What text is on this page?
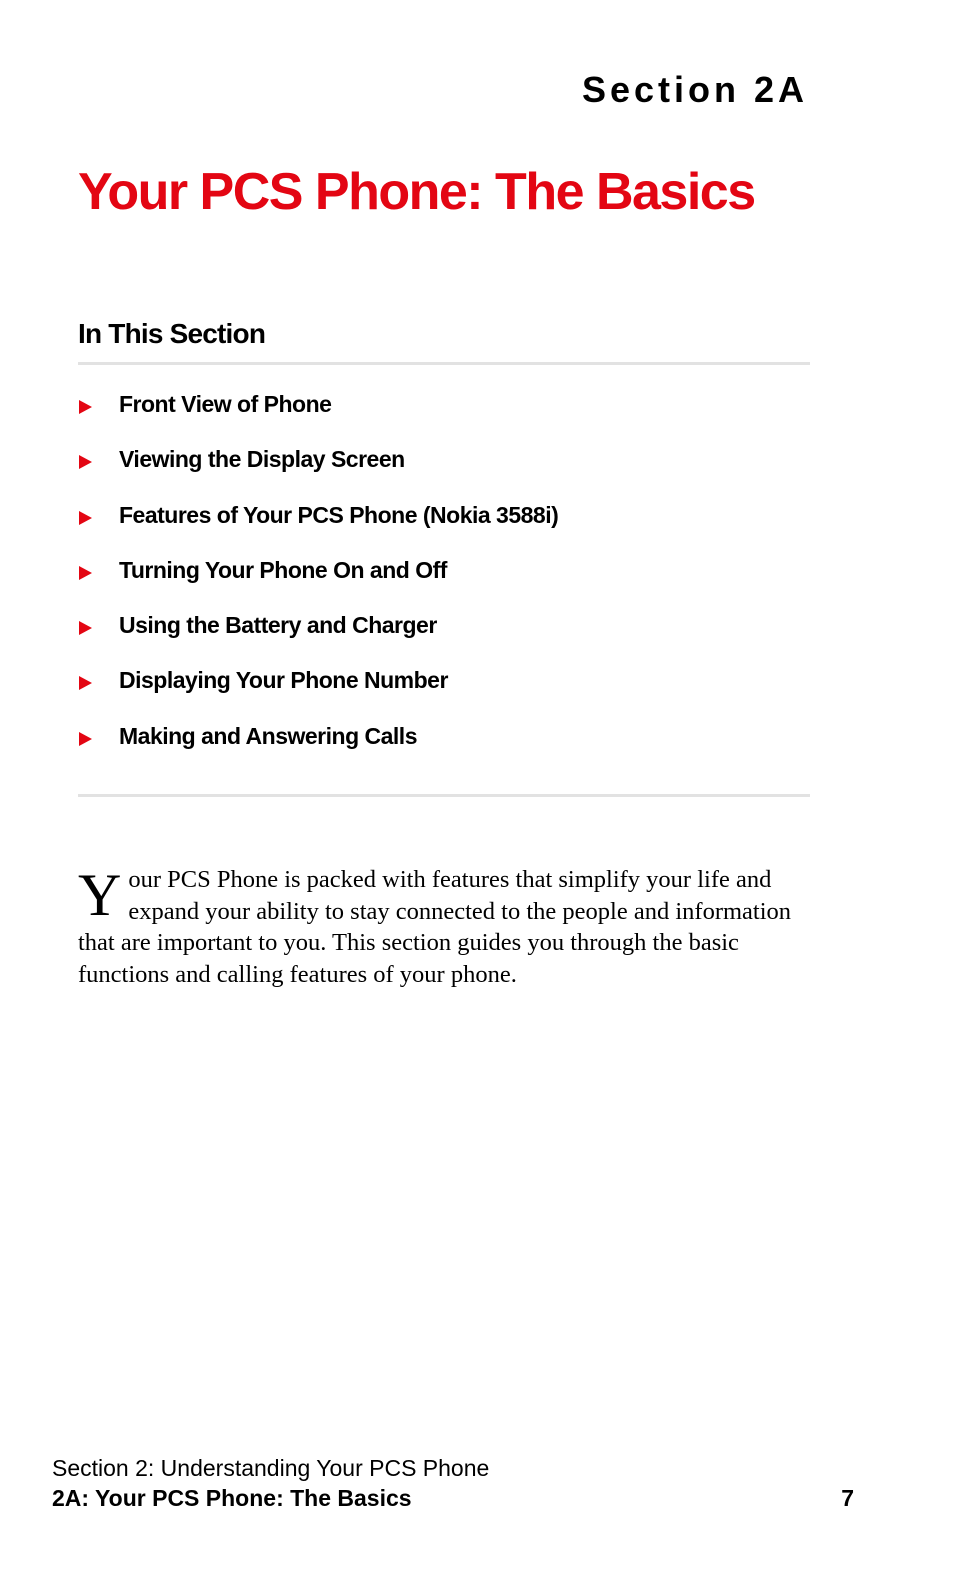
Section 2A
Your PCS Phone: The Basics
In This Section
Front View of Phone
Viewing the Display Screen
Features of Your PCS Phone (Nokia 3588i)
Turning Your Phone On and Off
Using the Battery and Charger
Displaying Your Phone Number
Making and Answering Calls

Your PCS Phone is packed with features that simplify your life and expand your ability to stay connected to the people and information that are important to you. This section guides you through the basic functions and calling features of your phone.

Section 2: Understanding Your PCS Phone
2A: Your PCS Phone: The Basics	7
